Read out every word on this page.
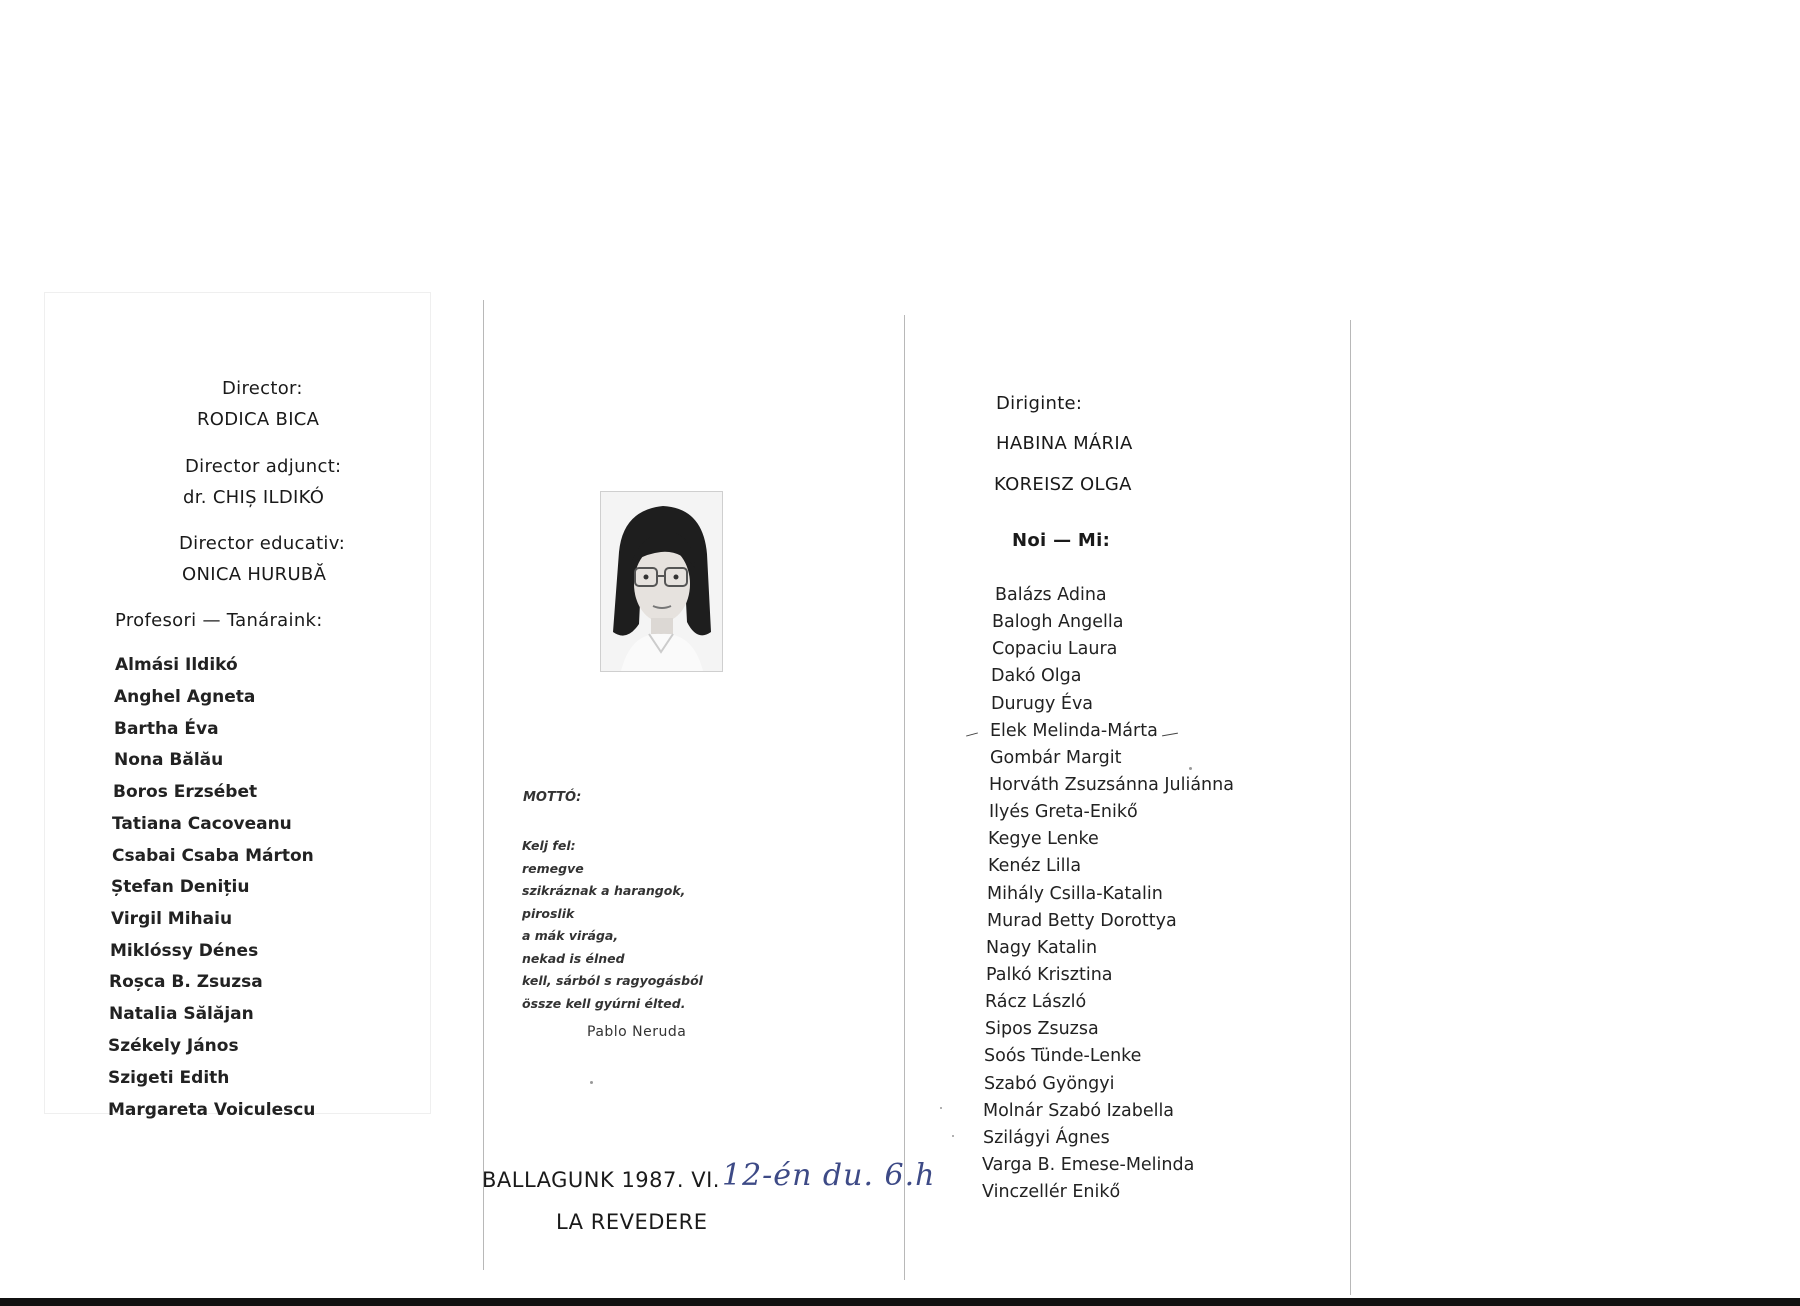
Director:
RODICA BICA
Director adjunct:
dr. CHIȘ ILDIKÓ
Director educativ:
ONICA HURUBĂ
Profesori — Tanáraink:
Almási Ildikó
Anghel Agneta
Bartha Éva
Nona Bălău
Boros Erzsébet
Tatiana Cacoveanu
Csabai Csaba Márton
Ștefan Denițiu
Virgil Mihaiu
Miklóssy Dénes
Roșca B. Zsuzsa
Natalia Sălăjan
Székely János
Szigeti Edith
Margareta Voiculescu
MOTTÓ:
Kelj fel:
remegve
szikráznak a harangok,
piroslik
a mák virága,
nekad is élned
kell, sárból s ragyogásból
össze kell gyúrni élted.
Pablo Neruda
BALLAGUNK 1987. VI. 12-én du. 6.h
LA REVEDERE
Diriginte:
HABINA MÁRIA
KOREISZ OLGA
Noi — Mi:
Balázs Adina
Balogh Angella
Copaciu Laura
Dakó Olga
Durugy Éva
Elek Melinda-Márta
Gombár Margit
Horváth Zsuzsánna Juliánna
Ilyés Greta-Enikő
Kegye Lenke
Kenéz Lilla
Mihály Csilla-Katalin
Murad Betty Dorottya
Nagy Katalin
Palkó Krisztina
Rácz László
Sipos Zsuzsa
Soós Tünde-Lenke
Szabó Gyöngyi
Molnár Szabó Izabella
Szilágyi Ágnes
Varga B. Emese-Melinda
Vinczellér Enikő
